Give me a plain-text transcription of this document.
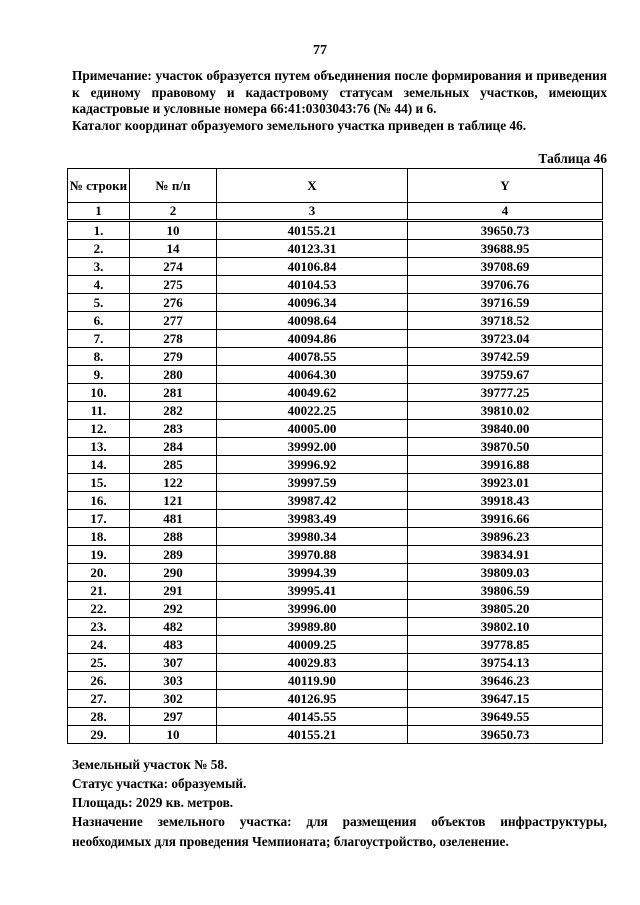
77

Примечание: участок образуется путем объединения после формирования и приведения к единому правовому и кадастровому статусам земельных участков, имеющих кадастровые и условные номера 66:41:0303043:76 (№ 44) и 6.

Каталог координат образуемого земельного участка приведен в таблице 46.

Таблица 46
№ строки	№ п/п	X	Y
1	2	3	4
1.	10	40155.21	39650.73
2.	14	40123.31	39688.95
3.	274	40106.84	39708.69
4.	275	40104.53	39706.76
5.	276	40096.34	39716.59
6.	277	40098.64	39718.52
7.	278	40094.86	39723.04
8.	279	40078.55	39742.59
9.	280	40064.30	39759.67
10.	281	40049.62	39777.25
11.	282	40022.25	39810.02
12.	283	40005.00	39840.00
13.	284	39992.00	39870.50
14.	285	39996.92	39916.88
15.	122	39997.59	39923.01
16.	121	39987.42	39918.43
17.	481	39983.49	39916.66
18.	288	39980.34	39896.23
19.	289	39970.88	39834.91
20.	290	39994.39	39809.03
21.	291	39995.41	39806.59
22.	292	39996.00	39805.20
23.	482	39989.80	39802.10
24.	483	40009.25	39778.85
25.	307	40029.83	39754.13
26.	303	40119.90	39646.23
27.	302	40126.95	39647.15
28.	297	40145.55	39649.55
29.	10	40155.21	39650.73

Земельный участок № 58.

Статус участка: образуемый.

Площадь: 2029 кв. метров.

Назначение земельного участка: для размещения объектов инфраструктуры, необходимых для проведения Чемпионата; благоустройство, озеленение.
